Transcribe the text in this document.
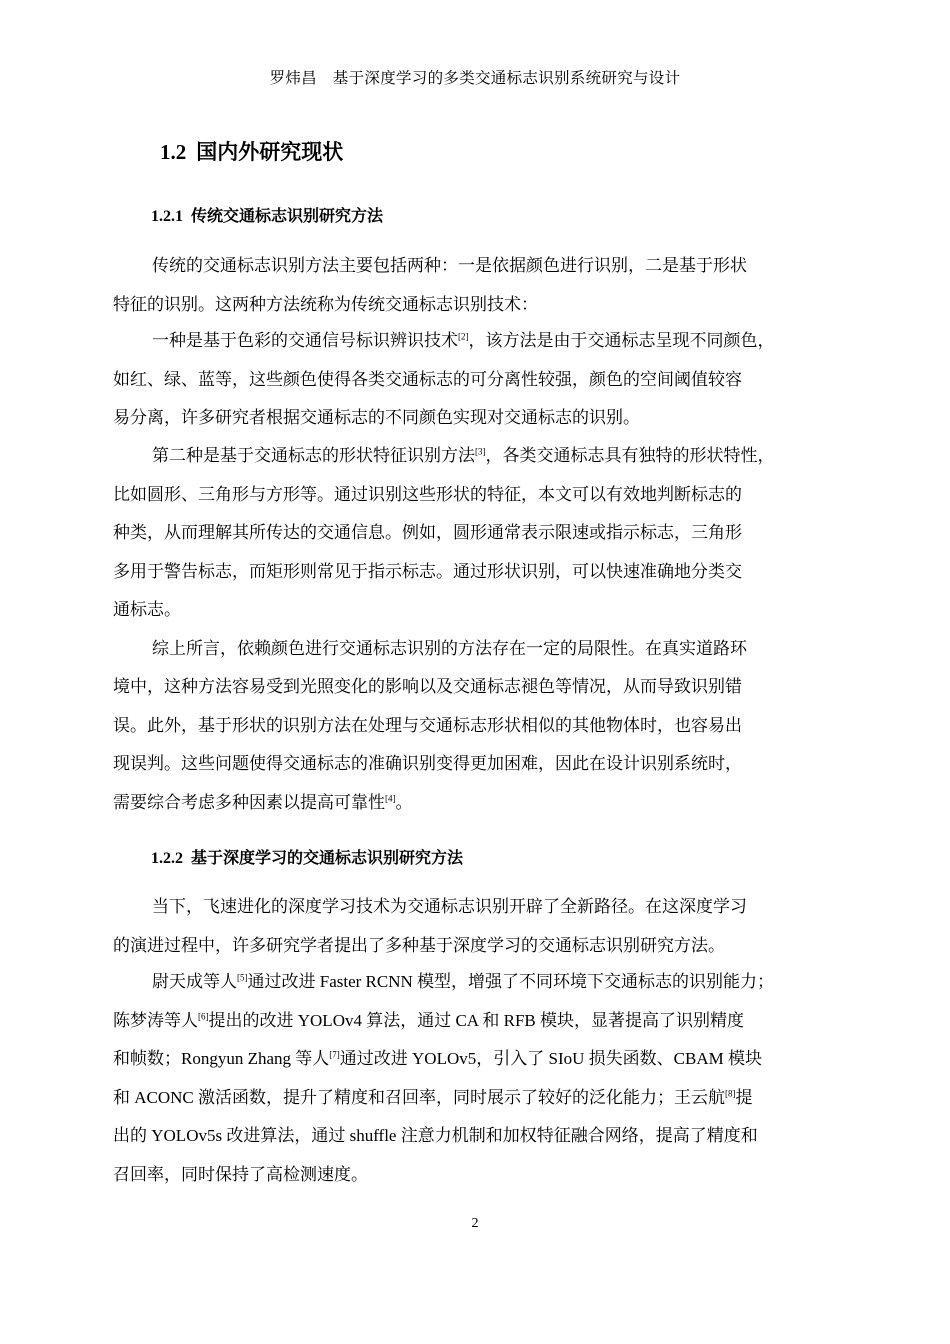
罗炜昌　 基于深度学习的多类交通标志识别系统研究与设计
1.2 国内外研究现状
1.2.1 传统交通标志识别研究方法
传统的交通标志识别方法主要包括两种：一是依据颜色进行识别，二是基于形状
特征的识别。这两种方法统称为传统交通标志识别技术：
一种是基于色彩的交通信号标识辨识技术[2]，该方法是由于交通标志呈现不同颜色，
如红、绿、蓝等，这些颜色使得各类交通标志的可分离性较强，颜色的空间阈值较容
易分离，许多研究者根据交通标志的不同颜色实现对交通标志的识别。
第二种是基于交通标志的形状特征识别方法[3]，各类交通标志具有独特的形状特性，
比如圆形、三角形与方形等。通过识别这些形状的特征，本文可以有效地判断标志的
种类，从而理解其所传达的交通信息。例如，圆形通常表示限速或指示标志，三角形
多用于警告标志，而矩形则常见于指示标志。通过形状识别，可以快速准确地分类交
通标志。
综上所言，依赖颜色进行交通标志识别的方法存在一定的局限性。在真实道路环
境中，这种方法容易受到光照变化的影响以及交通标志褪色等情况，从而导致识别错
误。此外，基于形状的识别方法在处理与交通标志形状相似的其他物体时，也容易出
现误判。这些问题使得交通标志的准确识别变得更加困难，因此在设计识别系统时，
需要综合考虑多种因素以提高可靠性[4]。
1.2.2 基于深度学习的交通标志识别研究方法
当下，飞速进化的深度学习技术为交通标志识别开辟了全新路径。在这深度学习
的演进过程中，许多研究学者提出了多种基于深度学习的交通标志识别研究方法。
尉天成等人[5]通过改进 Faster RCNN 模型，增强了不同环境下交通标志的识别能力；
陈梦涛等人[6]提出的改进 YOLOv4 算法，通过 CA 和 RFB 模块，显著提高了识别精度
和帧数；Rongyun Zhang 等人[7]通过改进 YOLOv5，引入了 SIoU 损失函数、CBAM 模块
和 ACONC 激活函数，提升了精度和召回率，同时展示了较好的泛化能力；王云航[8]提
出的 YOLOv5s 改进算法，通过 shuffle 注意力机制和加权特征融合网络，提高了精度和
召回率，同时保持了高检测速度。
2
